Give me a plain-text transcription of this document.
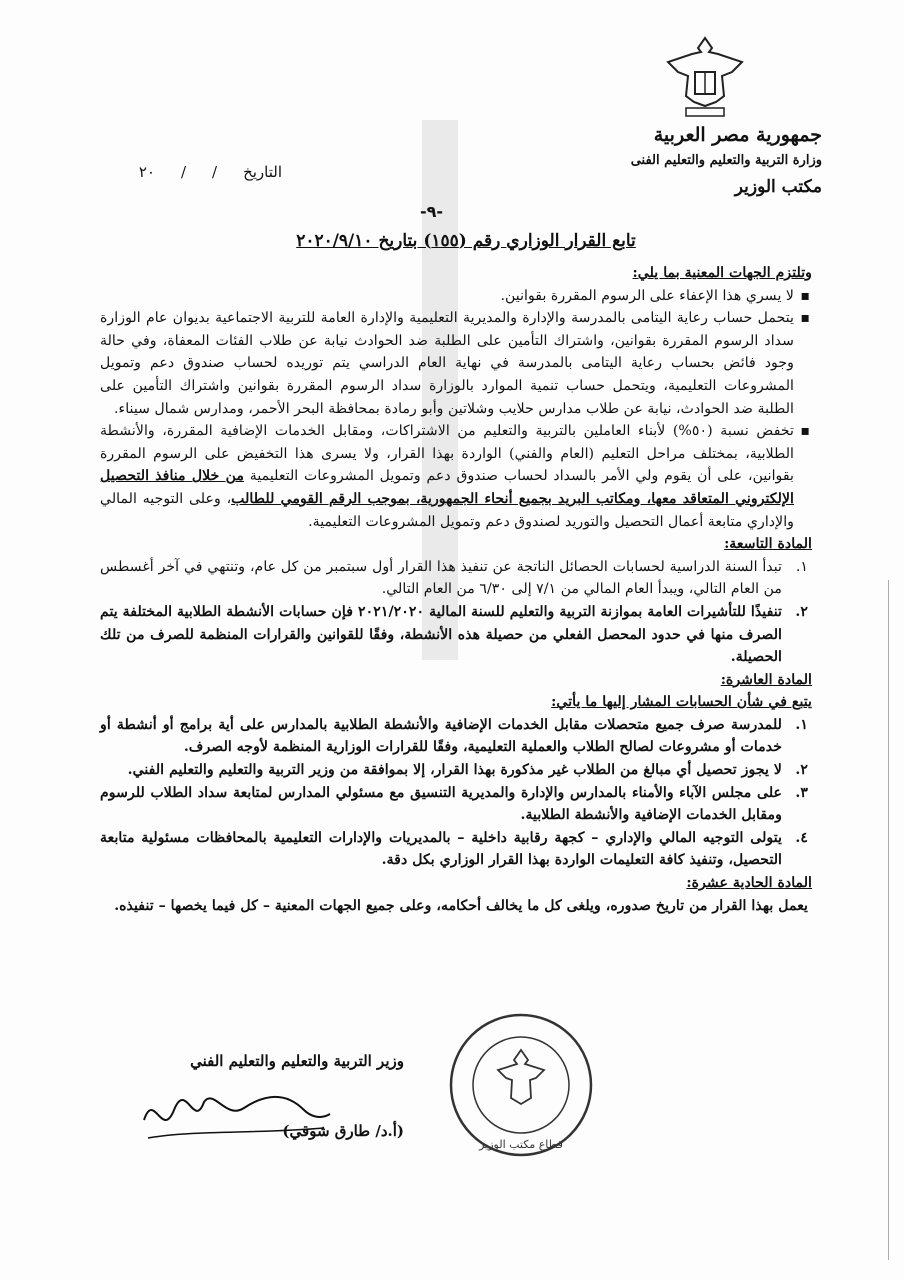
جمهورية مصر العربية
وزارة التربية والتعليم والتعليم الفنى
مكتب الوزير
التاريخ
/
/
٢٠
-٩-
تابع القرار الوزاري رقم (١٥٥) بتاريخ ٢٠٢٠/٩/١٠

وتلتزم الجهات المعنية بما يلي:

▪ لا يسري هذا الإعفاء على الرسوم المقررة بقوانين.

▪ يتحمل حساب رعاية اليتامى بالمدرسة والإدارة والمديرية التعليمية والإدارة العامة للتربية الاجتماعية بديوان عام الوزارة سداد الرسوم المقررة بقوانين، واشتراك التأمين على الطلبة ضد الحوادث نيابة عن طلاب الفئات المعفاة، وفي حالة وجود فائض بحساب رعاية اليتامى بالمدرسة في نهاية العام الدراسي يتم توريده لحساب صندوق دعم وتمويل المشروعات التعليمية، ويتحمل حساب تنمية الموارد بالوزارة سداد الرسوم المقررة بقوانين واشتراك التأمين على الطلبة ضد الحوادث، نيابة عن طلاب مدارس حلايب وشلاتين وأبو رمادة بمحافظة البحر الأحمر، ومدارس شمال سيناء.

▪ تخفض نسبة (٥٠%) لأبناء العاملين بالتربية والتعليم من الاشتراكات، ومقابل الخدمات الإضافية المقررة، والأنشطة الطلابية، بمختلف مراحل التعليم (العام والفني) الواردة بهذا القرار، ولا يسرى هذا التخفيض على الرسوم المقررة بقوانين، على أن يقوم ولي الأمر بالسداد لحساب صندوق دعم وتمويل المشروعات التعليمية من خلال منافذ التحصيل الإلكتروني المتعاقد معها، ومكاتب البريد بجميع أنحاء الجمهورية، بموجب الرقم القومي للطالب، وعلى التوجيه المالي والإداري متابعة أعمال التحصيل والتوريد لصندوق دعم وتمويل المشروعات التعليمية.

المادة التاسعة:

١.
تبدأ السنة الدراسية لحسابات الحصائل الناتجة عن تنفيذ هذا القرار أول سبتمبر من كل عام، وتنتهي في آخر أغسطس من العام التالي، ويبدأ العام المالي من ٧/١ إلى ٦/٣٠ من العام التالي.

٢.
تنفيذًا للتأشيرات العامة بموازنة التربية والتعليم للسنة المالية ٢٠٢١/٢٠٢٠ فإن حسابات الأنشطة الطلابية المختلفة يتم الصرف منها في حدود المحصل الفعلي من حصيلة هذه الأنشطة، وفقًا للقوانين والقرارات المنظمة للصرف من تلك الحصيلة.

المادة العاشرة:

يتبع في شأن الحسابات المشار إليها ما يأتي:

١.
للمدرسة صرف جميع متحصلات مقابل الخدمات الإضافية والأنشطة الطلابية بالمدارس على أية برامج أو أنشطة أو خدمات أو مشروعات لصالح الطلاب والعملية التعليمية، وفقًا للقرارات الوزارية المنظمة لأوجه الصرف.

٢.
لا يجوز تحصيل أي مبالغ من الطلاب غير مذكورة بهذا القرار، إلا بموافقة من وزير التربية والتعليم والتعليم الفني.

٣.
على مجلس الآباء والأمناء بالمدارس والإدارة والمديرية التنسيق مع مسئولي المدارس لمتابعة سداد الطلاب للرسوم ومقابل الخدمات الإضافية والأنشطة الطلابية.

٤.
يتولى التوجيه المالي والإداري – كجهة رقابية داخلية – بالمديريات والإدارات التعليمية بالمحافظات مسئولية متابعة التحصيل، وتنفيذ كافة التعليمات الواردة بهذا القرار الوزاري بكل دقة.

المادة الحادية عشرة:

يعمل بهذا القرار من تاريخ صدوره، ويلغى كل ما يخالف أحكامه، وعلى جميع الجهات المعنية – كل فيما يخصها – تنفيذه.

وزير التربية والتعليم والتعليم الفني
(أ.د/ طارق شوقي)
قطاع مكتب الوزير
